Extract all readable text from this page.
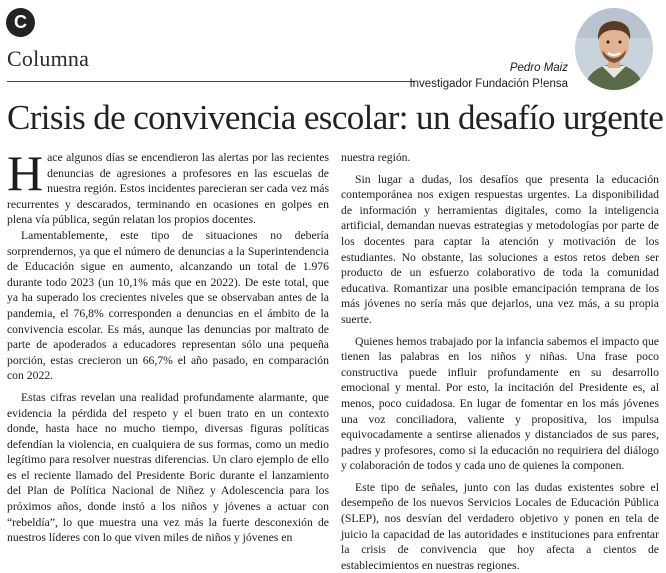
C
Columna	Pedro Maiz
Investigador Fundación P!ensa
Crisis de convivencia escolar: un desafío urgente

Hace algunos días se encendieron las alertas por las recientes denuncias de agresiones a profesores en las escuelas de nuestra región. Estos incidentes parecieran ser cada vez más recurrentes y descarados, terminando en ocasiones en golpes en plena vía pública, según relatan los propios docentes.

Lamentablemente, este tipo de situaciones no debería sorprendernos, ya que el número de denuncias a la Superintendencia de Educación sigue en aumento, alcanzando un total de 1.976 durante todo 2023 (un 10,1% más que en 2022). De este total, que ya ha superado los crecientes niveles que se observaban antes de la pandemia, el 76,8% corresponden a denuncias en el ámbito de la convivencia escolar. Es más, aunque las denuncias por maltrato de parte de apoderados a educadores representan sólo una pequeña porción, estas crecieron un 66,7% el año pasado, en comparación con 2022.

Estas cifras revelan una realidad profundamente alarmante, que evidencia la pérdida del respeto y el buen trato en un contexto donde, hasta hace no mucho tiempo, diversas figuras políticas defendían la violencia, en cualquiera de sus formas, como un medio legítimo para resolver nuestras diferencias. Un claro ejemplo de ello es el reciente llamado del Presidente Boric durante el lanzamiento del Plan de Política Nacional de Niñez y Adolescencia para los próximos años, donde instó a los niños y jóvenes a actuar con “rebeldía”, lo que muestra una vez más la fuerte desconexión de nuestros líderes con lo que viven miles de niños y jóvenes en

nuestra región.

Sin lugar a dudas, los desafíos que presenta la educación contemporánea nos exigen respuestas urgentes. La disponibilidad de información y herramientas digitales, como la inteligencia artificial, demandan nuevas estrategias y metodologías por parte de los docentes para captar la atención y motivación de los estudiantes. No obstante, las soluciones a estos retos deben ser producto de un esfuerzo colaborativo de toda la comunidad educativa. Romantizar una posible emancipación temprana de los más jóvenes no sería más que dejarlos, una vez más, a su propia suerte.

Quienes hemos trabajado por la infancia sabemos el impacto que tienen las palabras en los niños y niñas. Una frase poco constructiva puede influir profundamente en su desarrollo emocional y mental. Por esto, la incitación del Presidente es, al menos, poco cuidadosa. En lugar de fomentar en los más jóvenes una voz conciliadora, valiente y propositiva, los impulsa equivocadamente a sentirse alienados y distanciados de sus pares, padres y profesores, como si la educación no requiriera del diálogo y colaboración de todos y cada uno de quienes la componen.

Este tipo de señales, junto con las dudas existentes sobre el desempeño de los nuevos Servicios Locales de Educación Pública (SLEP), nos desvían del verdadero objetivo y ponen en tela de juicio la capacidad de las autoridades e instituciones para enfrentar la crisis de convivencia que hoy afecta a cientos de establecimientos en nuestras regiones.
